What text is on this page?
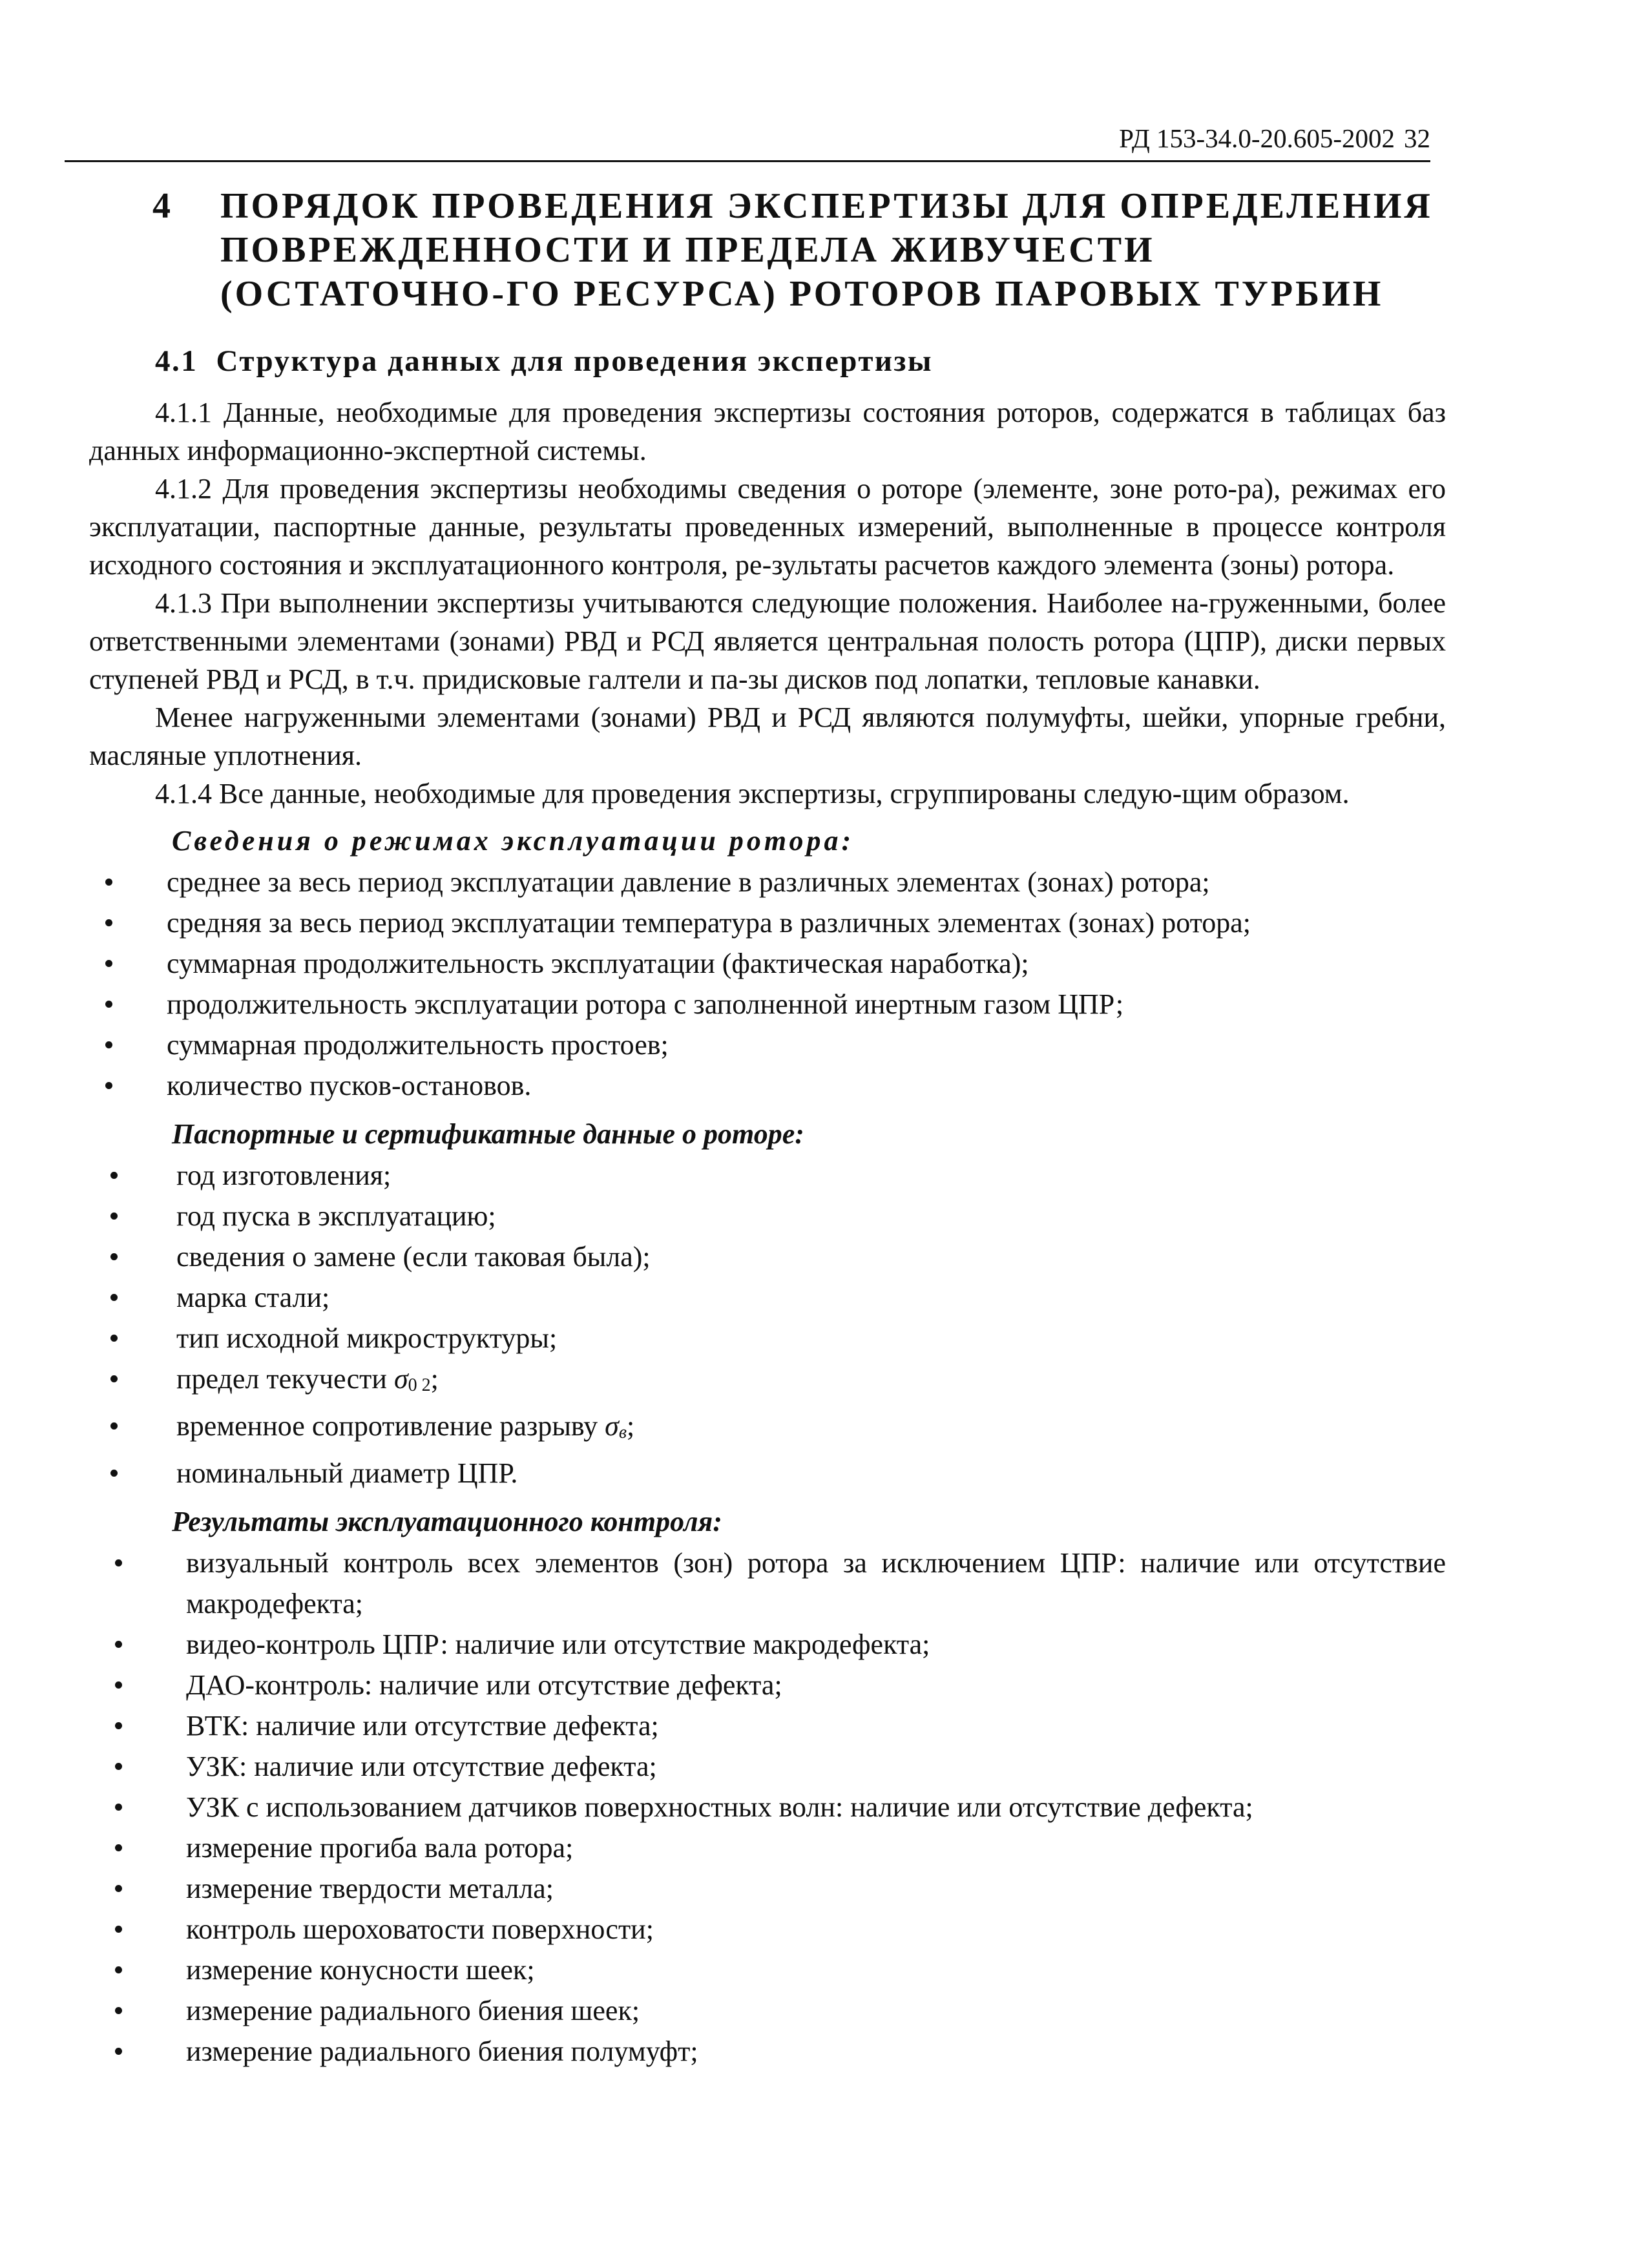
РД 153-34.0-20.605-2002 32
4	ПОРЯДОК ПРОВЕДЕНИЯ ЭКСПЕРТИЗЫ ДЛЯ ОПРЕДЕЛЕНИЯ ПОВРЕЖДЕННОСТИ И ПРЕДЕЛА ЖИВУЧЕСТИ (ОСТАТОЧНО-ГО РЕСУРСА) РОТОРОВ ПАРОВЫХ ТУРБИН
4.1 Структура данных для проведения экспертизы

4.1.1 Данные, необходимые для проведения экспертизы состояния роторов, содержатся в таблицах баз данных информационно-экспертной системы.

4.1.2 Для проведения экспертизы необходимы сведения о роторе (элементе, зоне рото-ра), режимах его эксплуатации, паспортные данные, результаты проведенных измерений, выполненные в процессе контроля исходного состояния и эксплуатационного контроля, ре-зультаты расчетов каждого элемента (зоны) ротора.

4.1.3 При выполнении экспертизы учитываются следующие положения. Наиболее на-груженными, более ответственными элементами (зонами) РВД и РСД является центральная полость ротора (ЦПР), диски первых ступеней РВД и РСД, в т.ч. придисковые галтели и па-зы дисков под лопатки, тепловые канавки.

Менее нагруженными элементами (зонами) РВД и РСД являются полумуфты, шейки, упорные гребни, масляные уплотнения.

4.1.4 Все данные, необходимые для проведения экспертизы, сгруппированы следую-щим образом.

Сведения о режимах эксплуатации ротора:
среднее за весь период эксплуатации давление в различных элементах (зонах) ротора;
средняя за весь период эксплуатации температура в различных элементах (зонах) ротора;
суммарная продолжительность эксплуатации (фактическая наработка);
продолжительность эксплуатации ротора с заполненной инертным газом ЦПР;
суммарная продолжительность простоев;
количество пусков-остановов.
Паспортные и сертификатные данные о роторе:
год изготовления;
год пуска в эксплуатацию;
сведения о замене (если таковая была);
марка стали;
тип исходной микроструктуры;
предел текучести σ0 2;
временное сопротивление разрыву σв;
номинальный диаметр ЦПР.
Результаты эксплуатационного контроля:
визуальный контроль всех элементов (зон) ротора за исключением ЦПР: наличие или отсутствие макродефекта;
видео-контроль ЦПР: наличие или отсутствие макродефекта;
ДАО-контроль: наличие или отсутствие дефекта;
ВТК: наличие или отсутствие дефекта;
УЗК: наличие или отсутствие дефекта;
УЗК с использованием датчиков поверхностных волн: наличие или отсутствие дефекта;
измерение прогиба вала ротора;
измерение твердости металла;
контроль шероховатости поверхности;
измерение конусности шеек;
измерение радиального биения шеек;
измерение радиального биения полумуфт;
